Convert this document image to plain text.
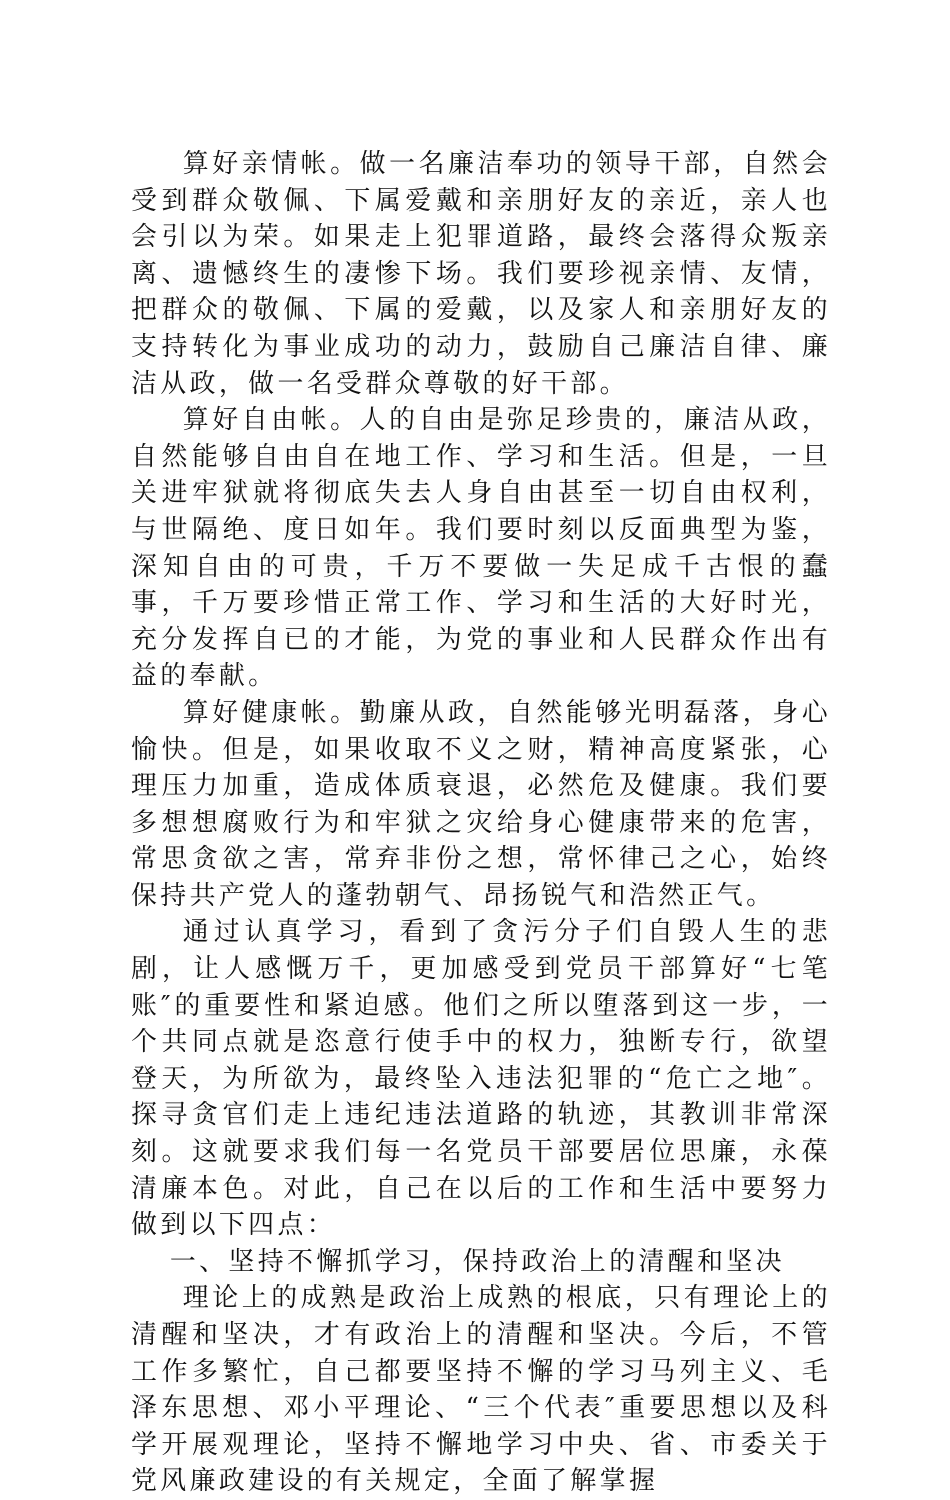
算好亲情帐。做一名廉洁奉功的领导干部，自然会受到群众敬佩、下属爱戴和亲朋好友的亲近，亲人也会引以为荣。如果走上犯罪道路，最终会落得众叛亲离、遗憾终生的凄惨下场。我们要珍视亲情、友情，把群众的敬佩、下属的爱戴，以及家人和亲朋好友的支持转化为事业成功的动力，鼓励自己廉洁自律、廉洁从政，做一名受群众尊敬的好干部。

算好自由帐。人的自由是弥足珍贵的，廉洁从政，自然能够自由自在地工作、学习和生活。但是，一旦关进牢狱就将彻底失去人身自由甚至一切自由权利，与世隔绝、度日如年。我们要时刻以反面典型为鉴，深知自由的可贵，千万不要做一失足成千古恨的蠢事，千万要珍惜正常工作、学习和生活的大好时光，充分发挥自已的才能，为党的事业和人民群众作出有益的奉献。

算好健康帐。勤廉从政，自然能够光明磊落，身心愉快。但是，如果收取不义之财，精神高度紧张，心理压力加重，造成体质衰退，必然危及健康。我们要多想想腐败行为和牢狱之灾给身心健康带来的危害，常思贪欲之害，常弃非份之想，常怀律己之心，始终保持共产党人的蓬勃朝气、昂扬锐气和浩然正气。

通过认真学习，看到了贪污分子们自毁人生的悲剧，让人感慨万千，更加感受到党员干部算好“七笔账″的重要性和紧迫感。他们之所以堕落到这一步，一个共同点就是恣意行使手中的权力，独断专行，欲望登天，为所欲为，最终坠入违法犯罪的“危亡之地″。探寻贪官们走上违纪违法道路的轨迹，其教训非常深刻。这就要求我们每一名党员干部要居位思廉，永葆清廉本色。对此，自己在以后的工作和生活中要努力做到以下四点：

一、坚持不懈抓学习，保持政治上的清醒和坚决

理论上的成熟是政治上成熟的根底，只有理论上的清醒和坚决，才有政治上的清醒和坚决。今后，不管工作多繁忙，自己都要坚持不懈的学习马列主义、毛泽东思想、邓小平理论、“三个代表″重要思想以及科学开展观理论，坚持不懈地学习中央、省、市委关于党风廉政建设的有关规定，全面了解掌握
